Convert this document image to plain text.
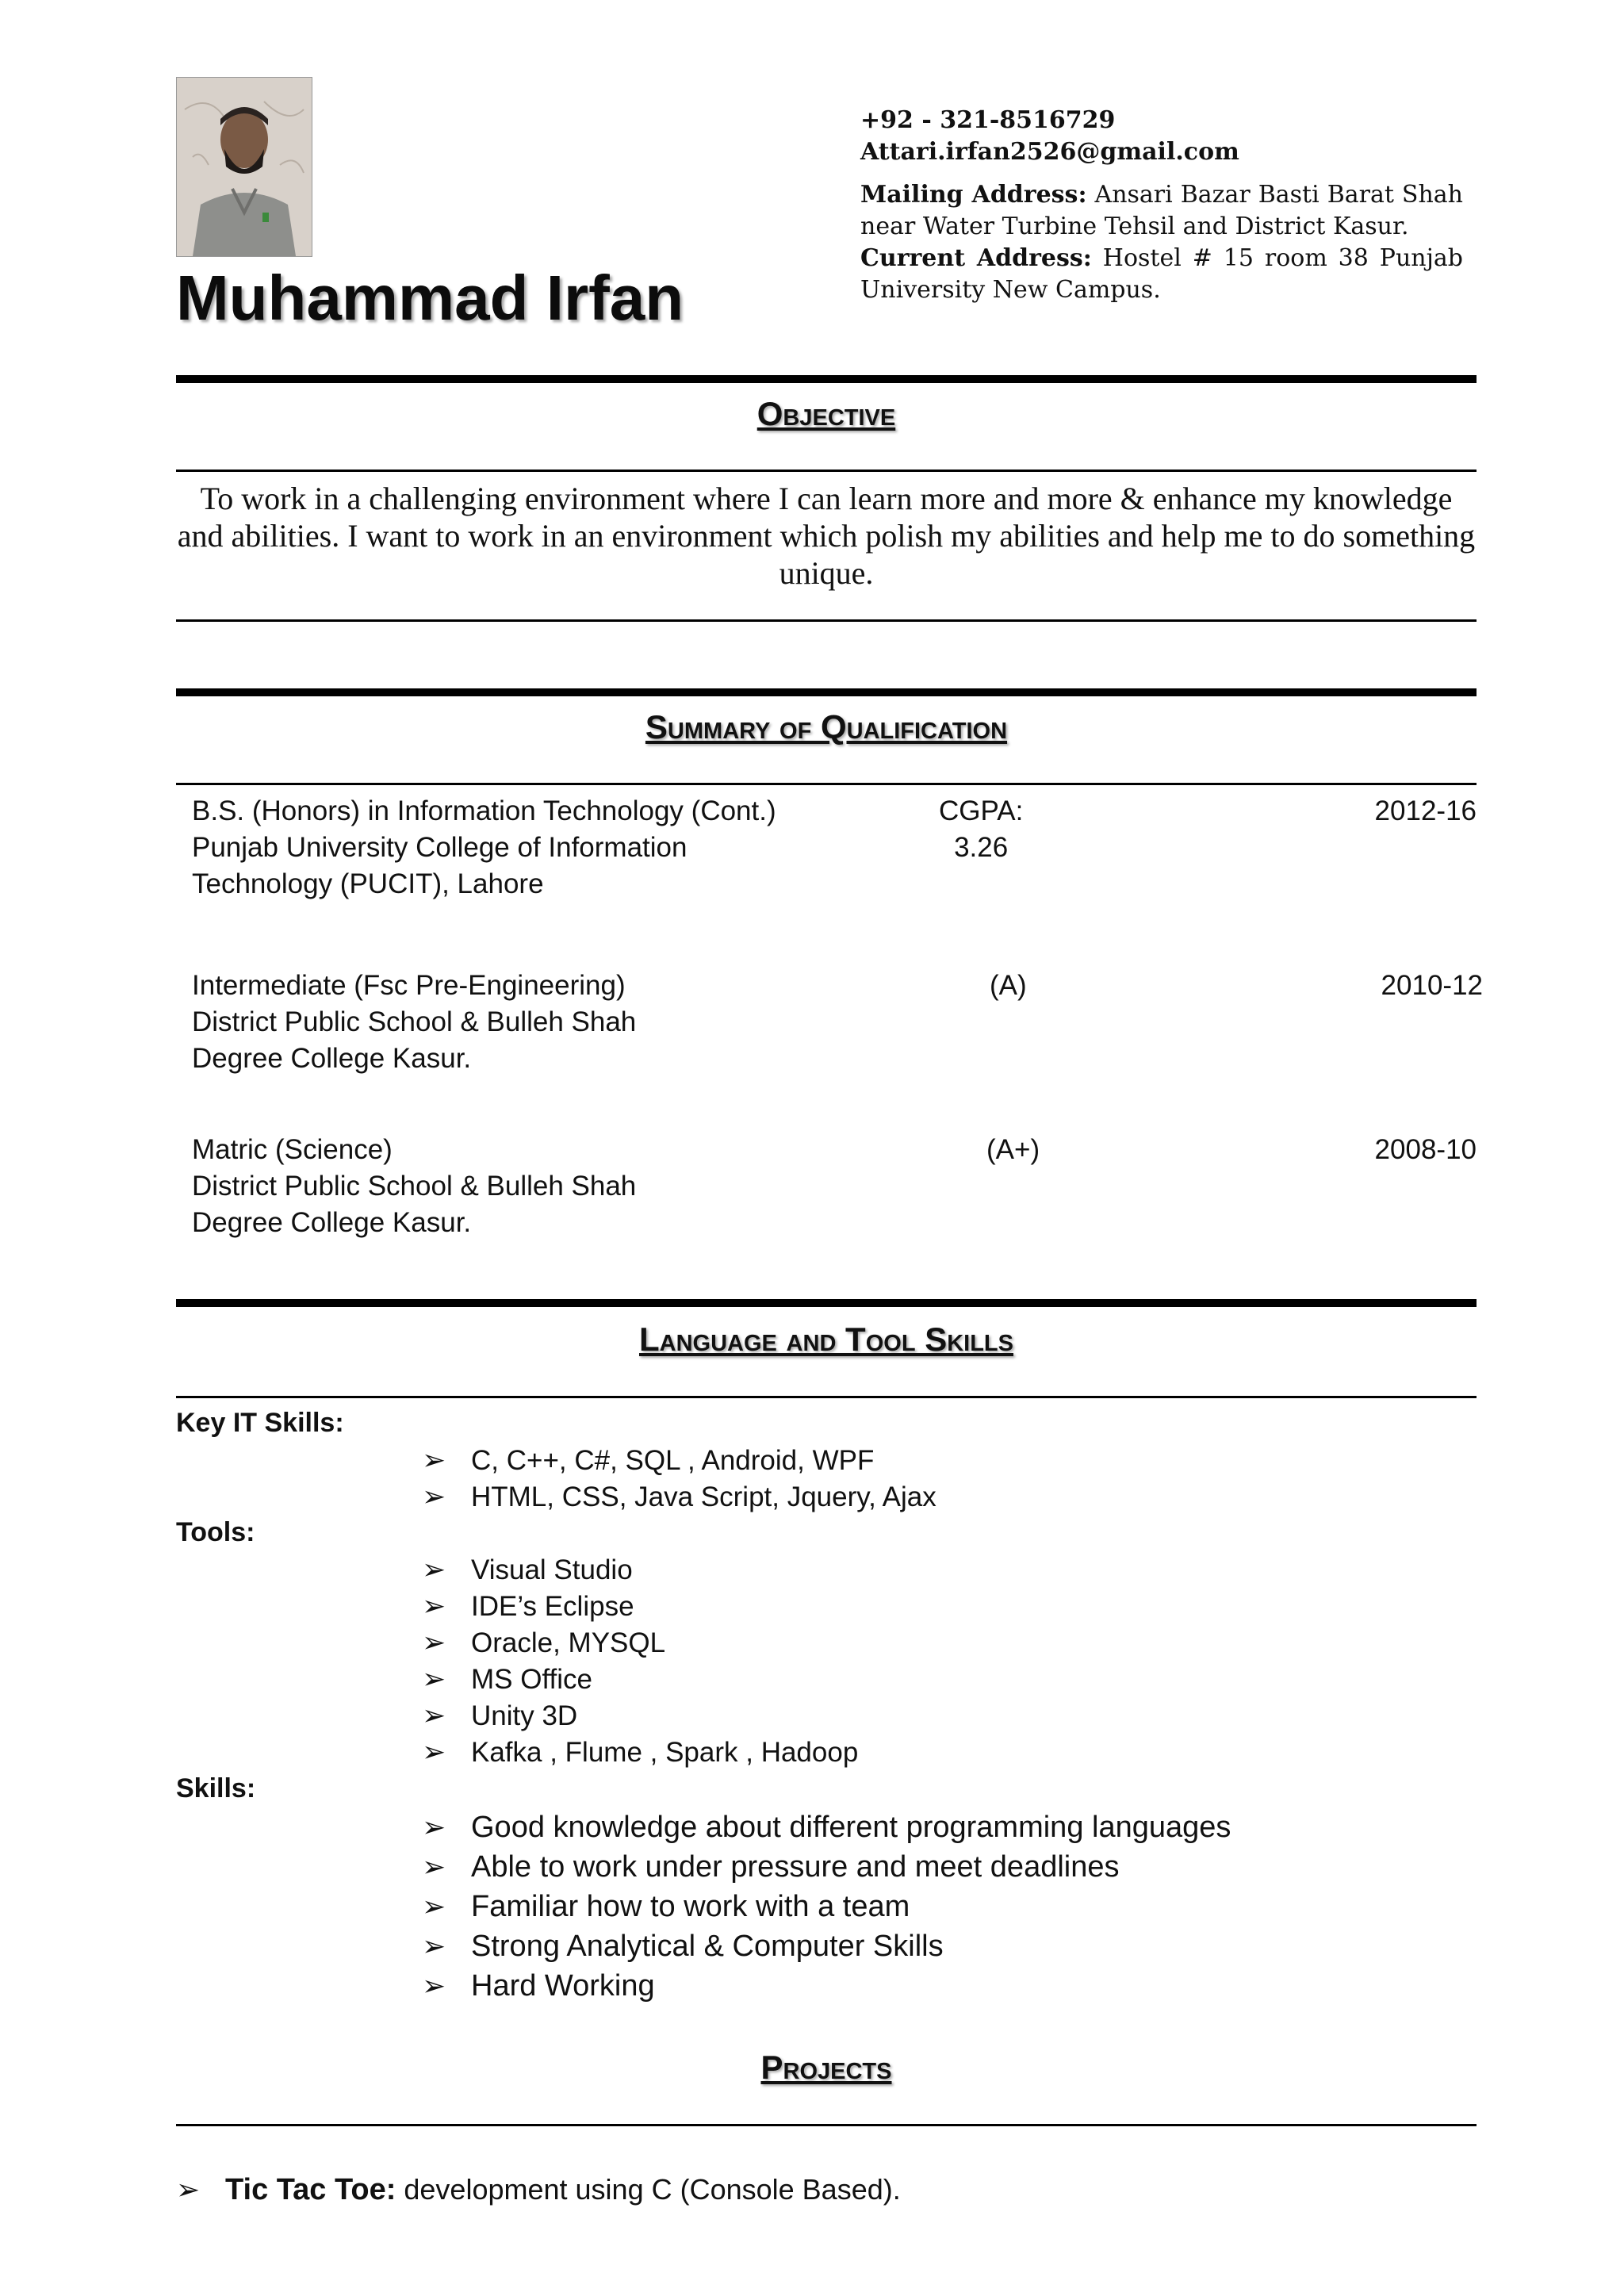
Muhammad Irfan
+92 - 321-8516729
Attari.irfan2526@gmail.com
Mailing Address: Ansari Bazar Basti Barat Shah near Water Turbine Tehsil and District Kasur.
Current Address: Hostel # 15 room 38 Punjab University New Campus.
Objective
To work in a challenging environment where I can learn more and more & enhance my knowledge and abilities. I want to work in an environment which polish my abilities and help me to do something unique.
Summary of Qualification
B.S. (Honors) in Information Technology (Cont.)
Punjab University College of Information
Technology (PUCIT), Lahore
CGPA: 3.26
2012-16
Intermediate (Fsc Pre-Engineering)
District Public School & Bulleh Shah
Degree College Kasur.
(A)	2010-12
Matric (Science)
District Public School & Bulleh Shah
Degree College Kasur.
(A+)	2008-10
Language and Tool Skills
Key IT Skills:
➢ C, C++, C#, SQL , Android, WPF
➢ HTML, CSS, Java Script, Jquery, Ajax
Tools:
➢ Visual Studio
➢ IDE’s Eclipse
➢ Oracle, MYSQL
➢ MS Office
➢ Unity 3D
➢ Kafka , Flume , Spark , Hadoop
Skills:
➢ Good knowledge about different programming languages
➢ Able to work under pressure and meet deadlines
➢ Familiar how to work with a team
➢ Strong Analytical & Computer Skills
➢ Hard Working
Projects
➢ Tic Tac Toe: development using C (Console Based).
